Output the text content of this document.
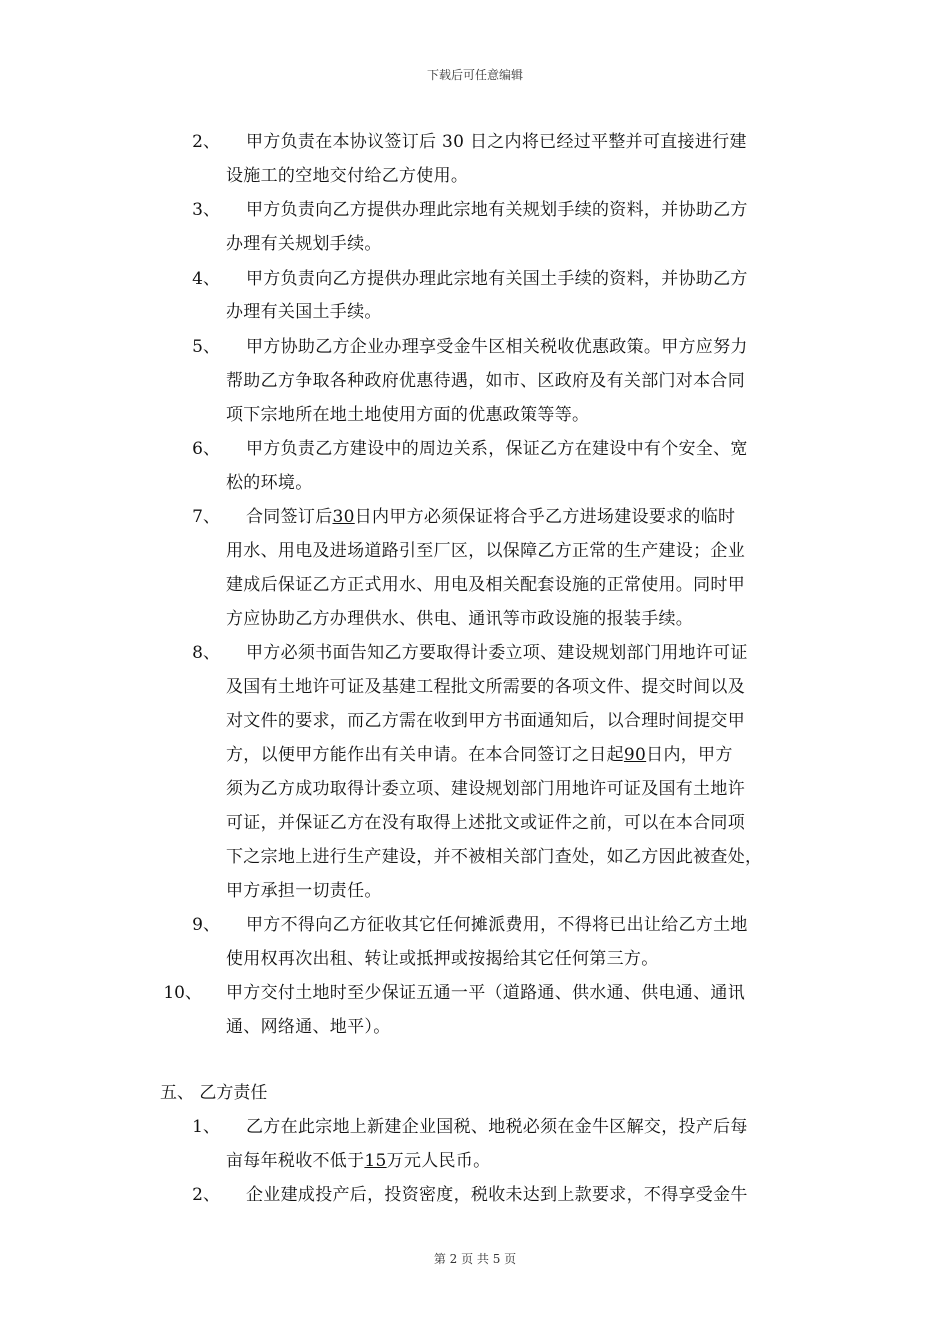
下载后可任意编辑
2、 甲方负责在本协议签订后 30 日之内将已经过平整并可直接进行建
设施工的空地交付给乙方使用。
3、 甲方负责向乙方提供办理此宗地有关规划手续的资料，并协助乙方
办理有关规划手续。
4、 甲方负责向乙方提供办理此宗地有关国土手续的资料，并协助乙方
办理有关国土手续。
5、 甲方协助乙方企业办理享受金牛区相关税收优惠政策。甲方应努力
帮助乙方争取各种政府优惠待遇，如市、区政府及有关部门对本合同
项下宗地所在地土地使用方面的优惠政策等等。
6、 甲方负责乙方建设中的周边关系，保证乙方在建设中有个安全、宽
松的环境。
7、 合同签订后30日内甲方必须保证将合乎乙方进场建设要求的临时
用水、用电及进场道路引至厂区，以保障乙方正常的生产建设；企业
建成后保证乙方正式用水、用电及相关配套设施的正常使用。同时甲
方应协助乙方办理供水、供电、通讯等市政设施的报装手续。
8、 甲方必须书面告知乙方要取得计委立项、建设规划部门用地许可证
及国有土地许可证及基建工程批文所需要的各项文件、提交时间以及
对文件的要求，而乙方需在收到甲方书面通知后，以合理时间提交甲
方，以便甲方能作出有关申请。在本合同签订之日起90日内，甲方
须为乙方成功取得计委立项、建设规划部门用地许可证及国有土地许
可证，并保证乙方在没有取得上述批文或证件之前，可以在本合同项
下之宗地上进行生产建设，并不被相关部门查处，如乙方因此被查处，
甲方承担一切责任。
9、 甲方不得向乙方征收其它任何摊派费用，不得将已出让给乙方土地
使用权再次出租、转让或抵押或按揭给其它任何第三方。
10、 甲方交付土地时至少保证五通一平（道路通、供水通、供电通、通讯
通、网络通、地平）。
五、 乙方责任
1、 乙方在此宗地上新建企业国税、地税必须在金牛区解交，投产后每
亩每年税收不低于15万元人民币。
2、 企业建成投产后，投资密度，税收未达到上款要求，不得享受金牛
第 2 页 共 5 页
